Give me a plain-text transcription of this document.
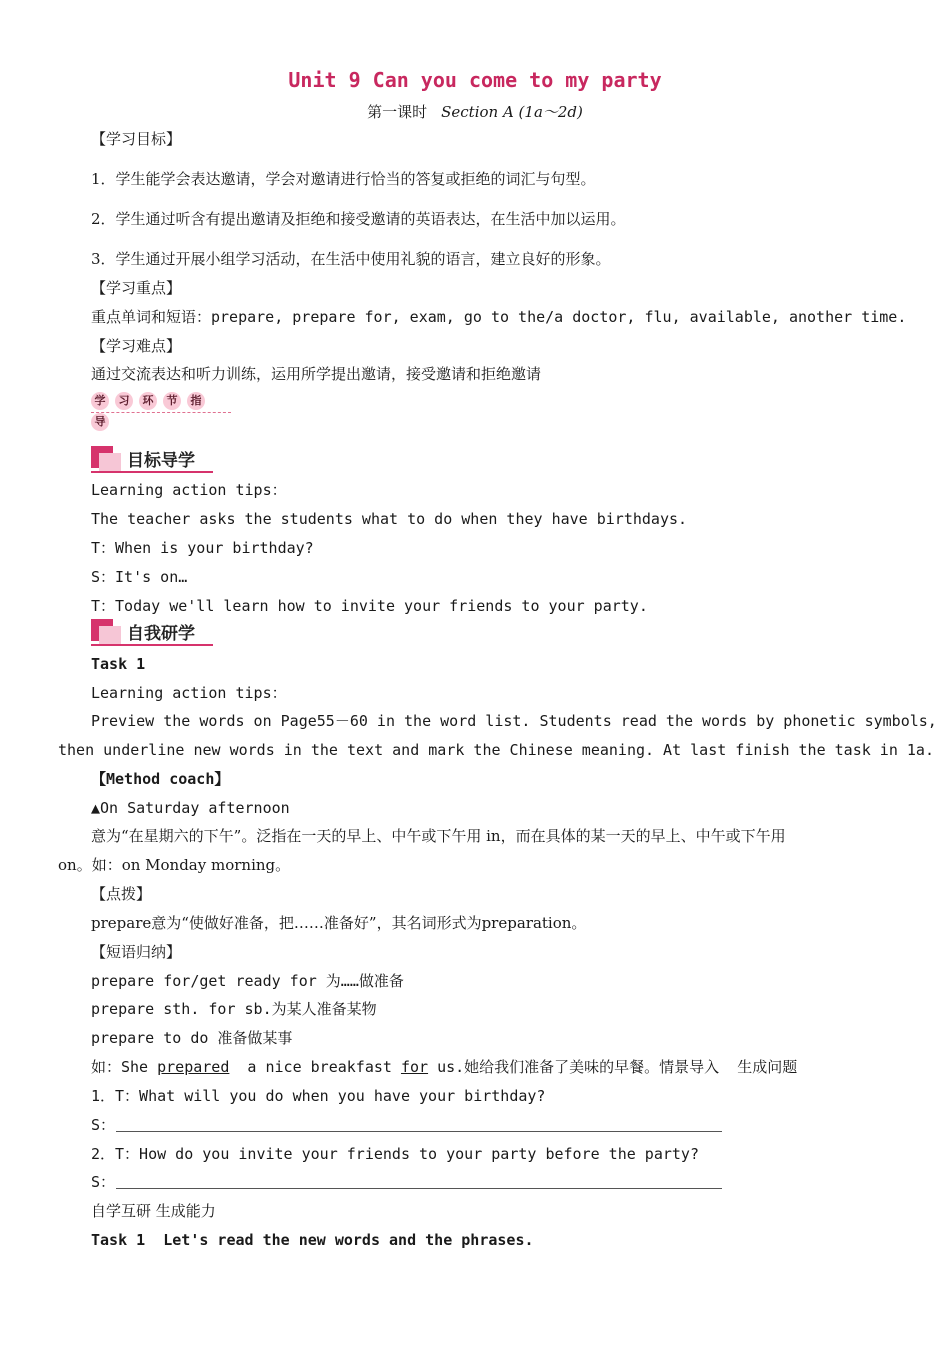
Unit 9 Can you come to my party
第一课时 Section A (1a～2d)
【学习目标】
1．学生能学会表达邀请，学会对邀请进行恰当的答复或拒绝的词汇与句型。
2．学生通过听含有提出邀请及拒绝和接受邀请的英语表达，在生活中加以运用。
3．学生通过开展小组学习活动，在生活中使用礼貌的语言，建立良好的形象。
【学习重点】
重点单词和短语：prepare, prepare for, exam, go to the/a doctor, flu, available, another time.
【学习难点】
通过交流表达和听力训练，运用所学提出邀请，接受邀请和拒绝邀请
学 习 环 节 指导
目标导学
Learning action tips：
The teacher asks the students what to do when they have birthdays.
T：When is your birthday?
S：It's on…
T：Today we'll learn how to invite your friends to your party.
自我研学
Task 1
Learning action tips：
Preview the words on Page55－60 in the word list. Students read the words by phonetic symbols,
then underline new words in the text and mark the Chinese meaning. At last finish the task in 1a.
【Method coach】
▲On Saturday afternoon
意为“在星期六的下午”。泛指在一天的早上、中午或下午用 in，而在具体的某一天的早上、中午或下午用
on。如：on Monday morning。
【点拨】
prepare意为“使做好准备，把……准备好”，其名词形式为preparation。
【短语归纳】
prepare for/get ready for 为……做准备
prepare sth. for sb.为某人准备某物
prepare to do 准备做某事
如：She prepared  a nice breakfast for us.她给我们准备了美味的早餐。情景导入  生成问题
1．T：What will you do when you have your birthday?
S：
2．T：How do you invite your friends to your party before the party?
S：
自学互研 生成能力
Task 1  Let's read the new words and the phrases.
